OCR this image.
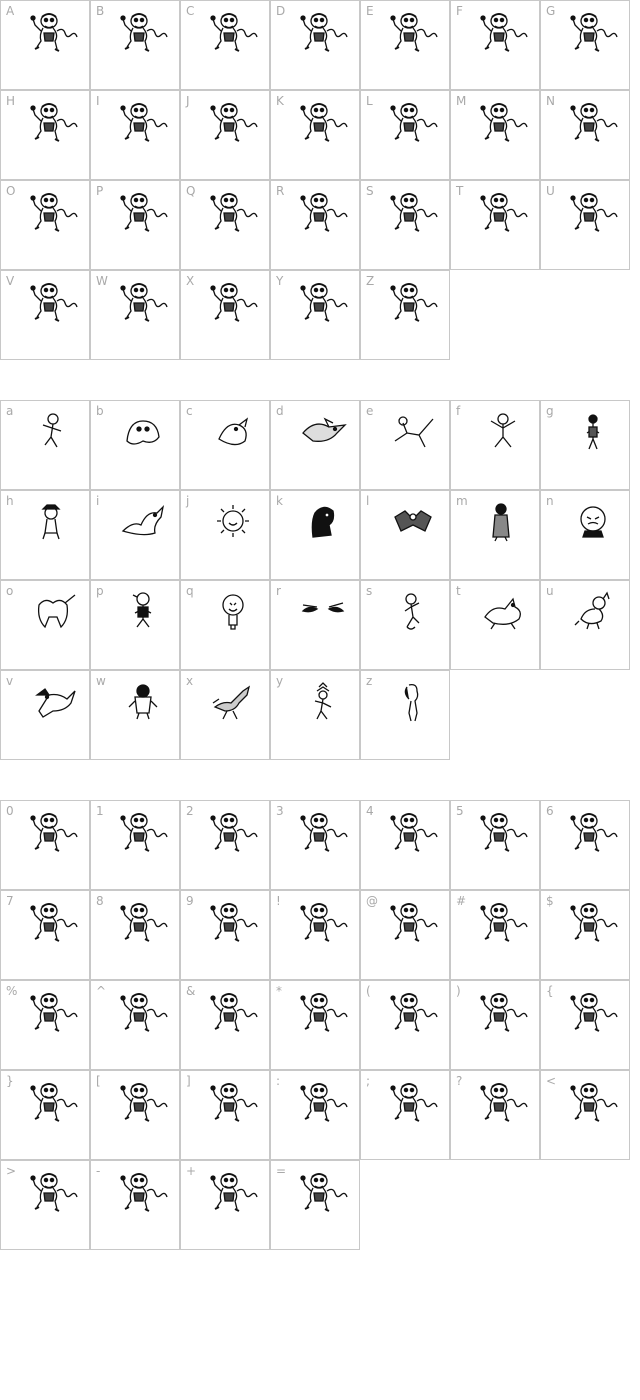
A	B	C	D	E	F	G
H	I	J	K	L	M	N
O	P	Q	R	S	T	U
V	W	X	Y	Z
a	b	c	d	e	f	g
h	i	j	k	l	m	n
o	p	q	r	s	t	u
v	w	x	y	z
0	1	2	3	4	5	6
7	8	9	!	@	#	$
%	^	&	*	(	)	{
}	[	]	:	;	?	<
>	-	+	=
